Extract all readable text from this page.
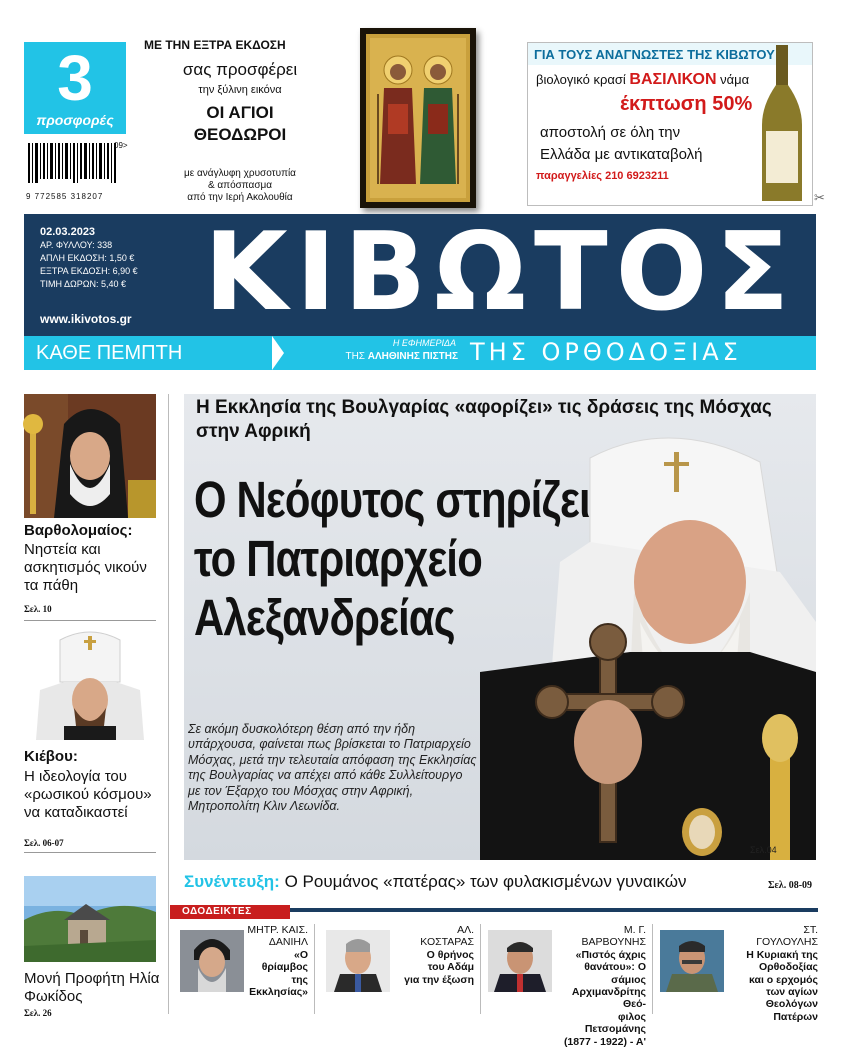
3
προσφορές
09>
9 772585 318207
ΜΕ ΤΗΝ ΕΞΤΡΑ ΕΚΔΟΣΗ
σας προσφέρει
την ξύλινη εικόνα
ΟΙ ΑΓΙΟΙ
ΘΕΟΔΩΡΟΙ
με ανάγλυφη χρυσοτυπία
& απόσπασμα
από την Ιερή Ακολουθία
ΓΙΑ ΤΟΥΣ ΑΝΑΓΝΩΣΤΕΣ ΤΗΣ ΚΙΒΩΤΟΥ
βιολογικό κρασί ΒΑΣΙΛΙΚΟΝ νάμα
έκπτωση 50%
αποστολή σε όλη την
Ελλάδα με αντικαταβολή
παραγγελίες 210 6923211
✂
02.03.2023
ΑΡ. ΦΥΛΛΟΥ: 338
ΑΠΛΗ ΕΚΔΟΣΗ: 1,50 €
ΕΞΤΡΑ ΕΚΔΟΣΗ: 6,90 €
ΤΙΜΗ ΔΩΡΩΝ: 5,40 €
www.ikivotos.gr ΚΙΒΩΤΟΣ
ΚΑΘΕ ΠΕΜΠΤΗ	Η ΕΦΗΜΕΡΙΔΑ
ΤΗΣ ΑΛΗΘΙΝΗΣ ΠΙΣΤΗΣ ΤΗΣ ΟΡΘΟΔΟΞΙΑΣ
Βαρθολομαίος:
Νηστεία και ασκητισμός νικούν τα πάθη
Σελ. 10
Κιέβου:
Η ιδεολογία του «ρωσικού κόσμου» να καταδικαστεί
Σελ. 06-07
Μονή Προφήτη Ηλία Φωκίδος
Σελ. 26
Η Εκκλησία της Βουλγαρίας «αφορίζει» τις δράσεις της Μόσχας στην Αφρική
Ο Νεόφυτος στηρίζει
το Πατριαρχείο
Αλεξανδρείας
Σε ακόμη δυσκολότερη θέση από την ήδη υπάρχουσα, φαίνεται πως βρίσκεται το Πατριαρχείο Μόσχας, μετά την τελευταία απόφαση της Εκκλησίας της Βουλγαρίας να απέχει από κάθε Συλλείτουργο με τον Έξαρχο του Μόσχας στην Αφρική, Μητροπολίτη Κλιν Λεωνίδα.
Σελ.04
Συνέντευξη: Ο Ρουμάνος «πατέρας» των φυλακισμένων γυναικών	Σελ. 08-09
ΟΔΟΔΕΙΚΤΕΣ
ΜΗΤΡ. ΚΑΙΣ.
ΔΑΝΙΗΛ
«Ο θρίαμβος
της
Εκκλησίας»
ΑΛ.
ΚΟΣΤΑΡΑΣ
Ο θρήνος
του Αδάμ
για την έξωση
Μ. Γ.
ΒΑΡΒΟΥΝΗΣ
«Πιστός άχρις
θανάτου»: Ο σάμιος
Αρχιμανδρίτης Θεό-
φιλος Πετσομάνης
(1877 - 1922) - Α'
ΣΤ.
ΓΟΥΛΟΥΛΗΣ
Η Κυριακή της
Ορθοδοξίας
και ο ερχομός
των αγίων Θεολόγων
Πατέρων
